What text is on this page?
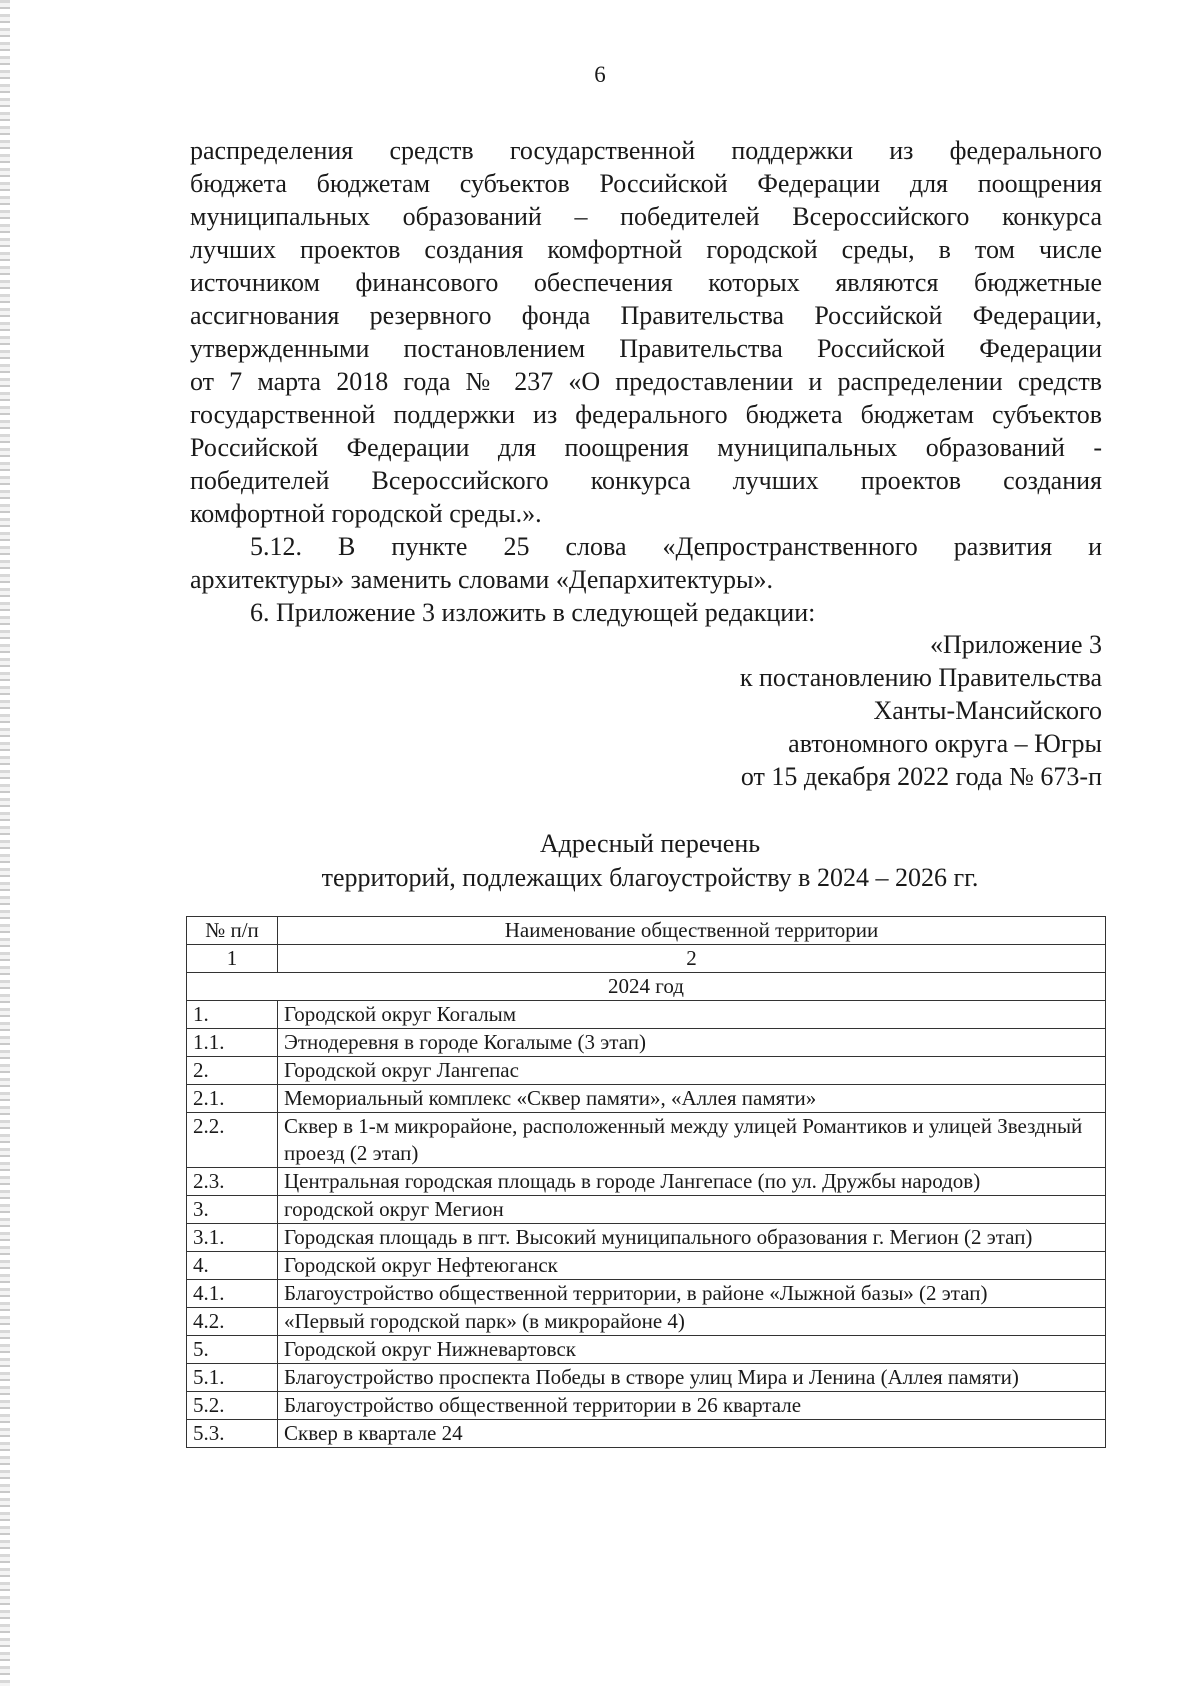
6
распределения средств государственной поддержки из федерального
бюджета бюджетам субъектов Российской Федерации для поощрения
муниципальных образований – победителей Всероссийского конкурса
лучших проектов создания комфортной городской среды, в том числе
источником финансового обеспечения которых являются бюджетные
ассигнования резервного фонда Правительства Российской Федерации,
утвержденными постановлением Правительства Российской Федерации
от 7 марта 2018 года № 237 «О предоставлении и распределении средств
государственной поддержки из федерального бюджета бюджетам субъектов
Российской Федерации для поощрения муниципальных образований -
победителей Всероссийского конкурса лучших проектов создания
комфортной городской среды.».
5.12. В пункте 25 слова «Депространственного развития и
архитектуры» заменить словами «Депархитектуры».
6. Приложение 3 изложить в следующей редакции:
«Приложение 3
к постановлению Правительства
Ханты-Мансийского
автономного округа – Югры
от 15 декабря 2022 года № 673-п
Адресный перечень
территорий, подлежащих благоустройству в 2024 – 2026 гг.
№ п/п	Наименование общественной территории
1	2
2024 год	
1.	Городской округ Когалым
1.1.	Этнодеревня в городе Когалыме (3 этап)
2.	Городской округ Лангепас
2.1.	Мемориальный комплекс «Сквер памяти», «Аллея памяти»
2.2.	Сквер в 1-м микрорайоне, расположенный между улицей Романтиков и улицей Звездный проезд (2 этап)
2.3.	Центральная городская площадь в городе Лангепасе (по ул. Дружбы народов)
3.	городской округ Мегион
3.1.	Городская площадь в пгт. Высокий муниципального образования г. Мегион (2 этап)
4.	Городской округ Нефтеюганск
4.1.	Благоустройство общественной территории, в районе «Лыжной базы» (2 этап)
4.2.	«Первый городской парк» (в микрорайоне 4)
5.	Городской округ Нижневартовск
5.1.	Благоустройство проспекта Победы в створе улиц Мира и Ленина (Аллея памяти)
5.2.	Благоустройство общественной территории в 26 квартале
5.3.	Сквер в квартале 24
